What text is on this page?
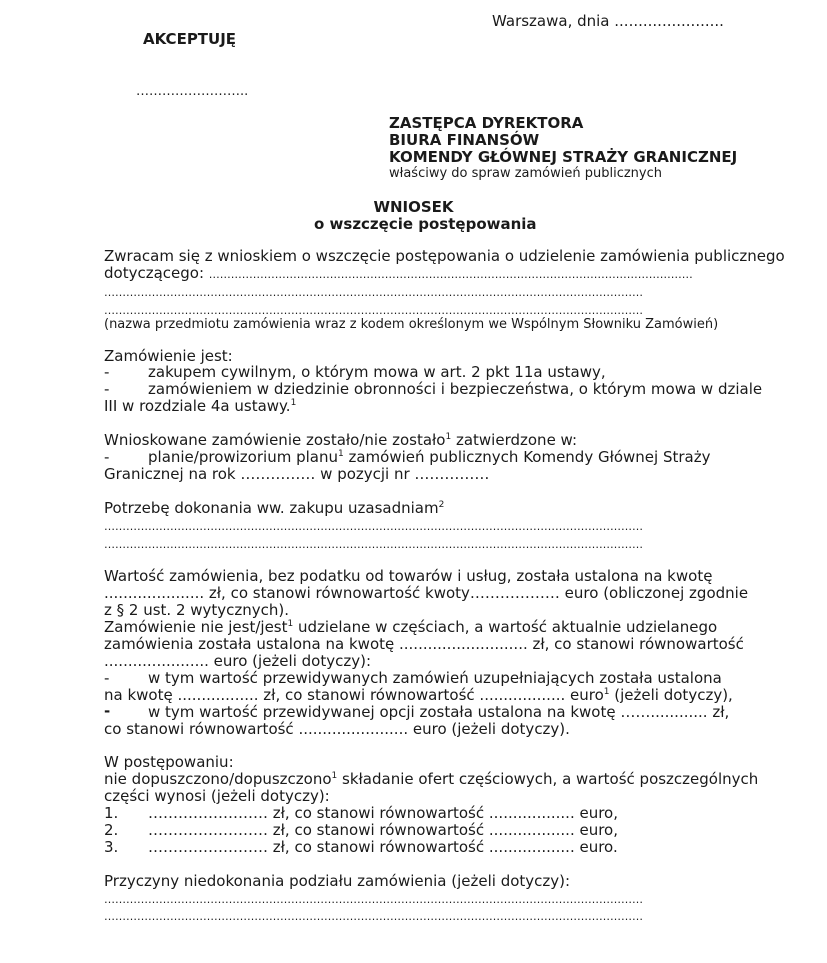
Warszawa, dnia .......................
AKCEPTUJĘ
……………………..
ZASTĘPCA DYREKTORA
BIURA FINANSÓW
KOMENDY GŁÓWNEJ STRAŻY GRANICZNEJ
właściwy do spraw zamówień publicznych
WNIOSEK
o wszczęcie postępowania
Zwracam się z wnioskiem o wszczęcie postępowania o udzielenie zamówienia publicznego
dotyczącego: ……………………………………………………………………………………………………………………
…………………………………………………………………………………………………………………………………
…………………………………………………………………………………………………………………………………
(nazwa przedmiotu zamówienia wraz z kodem określonym we Wspólnym Słowniku Zamówień)
Zamówienie jest:
-	zakupem cywilnym, o którym mowa w art. 2 pkt 11a ustawy,
-	zamówieniem w dziedzinie obronności i bezpieczeństwa, o którym mowa w dziale
III w rozdziale 4a ustawy.$^1$
Wnioskowane zamówienie zostało/nie zostało$^1$ zatwierdzone w:
-	planie/prowizorium planu$^1$ zamówień publicznych Komendy Głównej Straży
Granicznej na rok …………… w pozycji nr ……………
Potrzebę dokonania ww. zakupu uzasadniam$^2$
…………………………………………………………………………………………………………………………………
…………………………………………………………………………………………………………………………………
Wartość zamówienia, bez podatku od towarów i usług, została ustalona na kwotę
..................... zł, co stanowi równowartość kwoty……………… euro (obliczonej zgodnie
z § 2 ust. 2 wytycznych).
Zamówienie nie jest/jest$^1$ udzielane w częściach, a wartość aktualnie udzielanego
zamówienia została ustalona na kwotę ........................... zł, co stanowi równowartość
...................... euro (jeżeli dotyczy):
-	w tym wartość przewidywanych zamówień uzupełniających została ustalona
na kwotę ................. zł, co stanowi równowartość .................. euro$^1$ (jeżeli dotyczy),
-	w tym wartość przewidywanej opcji została ustalona na kwotę ……............ zł,
co stanowi równowartość ....................... euro (jeżeli dotyczy).
W postępowaniu:
nie dopuszczono/dopuszczono$^1$ składanie ofert częściowych, a wartość poszczególnych
części wynosi (jeżeli dotyczy):
1. …………………… zł, co stanowi równowartość .................. euro,
2. …………………… zł, co stanowi równowartość .................. euro,
3. …………………… zł, co stanowi równowartość .................. euro.
Przyczyny niedokonania podziału zamówienia (jeżeli dotyczy):
…………………………………………………………………………………………………………………………………
…………………………………………………………………………………………………………………………………
